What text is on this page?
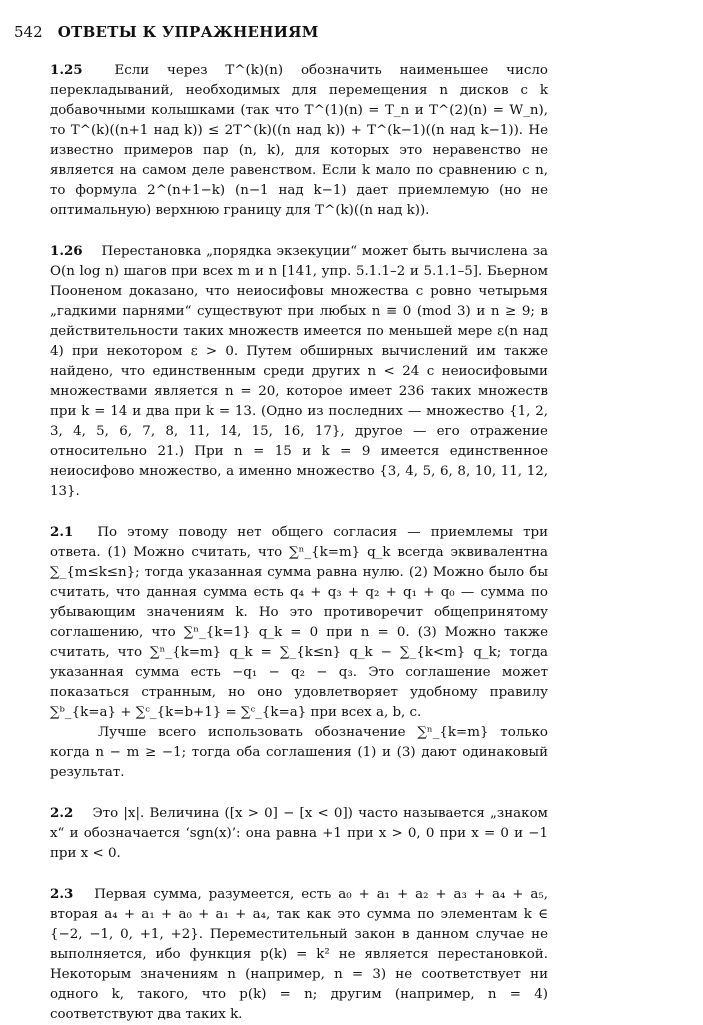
542 ОТВЕТЫ К УПРАЖНЕНИЯМ

1.25 Если через T^(k)(n) обозначить наименьшее число перекладываний, необходимых для перемещения n дисков с k добавочными колышками (так что T^(1)(n) = T_n и T^(2)(n) = W_n), то T^(k)((n+1 над k)) ≤ 2T^(k)((n над k)) + T^(k−1)((n над k−1)). Не известно примеров пар (n, k), для которых это неравенство не является на самом деле равенством. Если k мало по сравнению с n, то формула 2^(n+1−k) (n−1 над k−1) дает приемлемую (но не оптимальную) верхнюю границу для T^(k)((n над k)).

1.26 Перестановка „порядка экзекуции“ может быть вычислена за O(n log n) шагов при всех m и n [141, упр. 5.1.1–2 и 5.1.1–5]. Бьерном Пооненом доказано, что неиосифовы множества с ровно четырьмя „гадкими парнями“ существуют при любых n ≡ 0 (mod 3) и n ≥ 9; в действительности таких множеств имеется по меньшей мере ε(n над 4) при некотором ε > 0. Путем обширных вычислений им также найдено, что единственным среди других n < 24 с неиосифовыми множествами является n = 20, которое имеет 236 таких множеств при k = 14 и два при k = 13. (Одно из последних — множество {1, 2, 3, 4, 5, 6, 7, 8, 11, 14, 15, 16, 17}, другое — его отражение относительно 21.) При n = 15 и k = 9 имеется единственное неиосифово множество, а именно множество {3, 4, 5, 6, 8, 10, 11, 12, 13}.

2.1 По этому поводу нет общего согласия — приемлемы три ответа. (1) Можно считать, что ∑ⁿ_{k=m} q_k всегда эквивалентна ∑_{m≤k≤n}; тогда указанная сумма равна нулю. (2) Можно было бы считать, что данная сумма есть q₄ + q₃ + q₂ + q₁ + q₀ — сумма по убывающим значениям k. Но это противоречит общепринятому соглашению, что ∑ⁿ_{k=1} q_k = 0 при n = 0. (3) Можно также считать, что ∑ⁿ_{k=m} q_k = ∑_{k≤n} q_k − ∑_{k<m} q_k; тогда указанная сумма есть −q₁ − q₂ − q₃. Это соглашение может показаться странным, но оно удовлетворяет удобному правилу ∑ᵇ_{k=a} + ∑ᶜ_{k=b+1} = ∑ᶜ_{k=a} при всех a, b, c.

Лучше всего использовать обозначение ∑ⁿ_{k=m} только когда n − m ≥ −1; тогда оба соглашения (1) и (3) дают одинаковый результат.

2.2 Это |x|. Величина ([x > 0] − [x < 0]) часто называется „знаком x“ и обозначается ‘sgn(x)’: она равна +1 при x > 0, 0 при x = 0 и −1 при x < 0.

2.3 Первая сумма, разумеется, есть a₀ + a₁ + a₂ + a₃ + a₄ + a₅, вторая a₄ + a₁ + a₀ + a₁ + a₄, так как это сумма по элементам k ∈ {−2, −1, 0, +1, +2}. Переместительный закон в данном случае не выполняется, ибо функция p(k) = k² не является перестановкой. Некоторым значениям n (например, n = 3) не соответствует ни одного k, такого, что p(k) = n; другим (например, n = 4) соответствуют два таких k.
